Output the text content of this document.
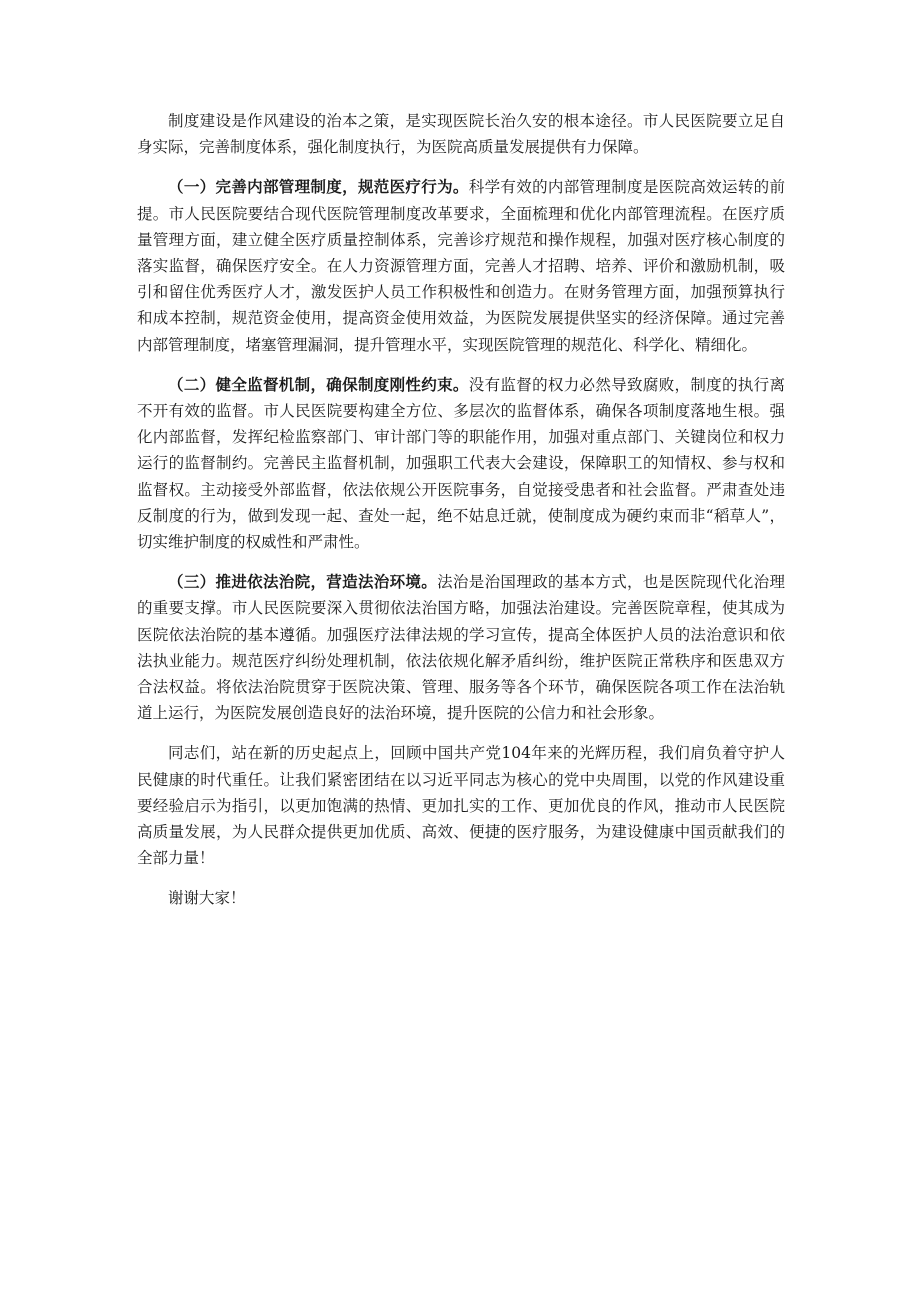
制度建设是作风建设的治本之策，是实现医院长治久安的根本途径。市人民医院要立足自身实际，完善制度体系，强化制度执行，为医院高质量发展提供有力保障。

（一）完善内部管理制度，规范医疗行为。科学有效的内部管理制度是医院高效运转的前提。市人民医院要结合现代医院管理制度改革要求，全面梳理和优化内部管理流程。在医疗质量管理方面，建立健全医疗质量控制体系，完善诊疗规范和操作规程，加强对医疗核心制度的落实监督，确保医疗安全。在人力资源管理方面，完善人才招聘、培养、评价和激励机制，吸引和留住优秀医疗人才，激发医护人员工作积极性和创造力。在财务管理方面，加强预算执行和成本控制，规范资金使用，提高资金使用效益，为医院发展提供坚实的经济保障。通过完善内部管理制度，堵塞管理漏洞，提升管理水平，实现医院管理的规范化、科学化、精细化。

（二）健全监督机制，确保制度刚性约束。没有监督的权力必然导致腐败，制度的执行离不开有效的监督。市人民医院要构建全方位、多层次的监督体系，确保各项制度落地生根。强化内部监督，发挥纪检监察部门、审计部门等的职能作用，加强对重点部门、关键岗位和权力运行的监督制约。完善民主监督机制，加强职工代表大会建设，保障职工的知情权、参与权和监督权。主动接受外部监督，依法依规公开医院事务，自觉接受患者和社会监督。严肃查处违反制度的行为，做到发现一起、查处一起，绝不姑息迁就，使制度成为硬约束而非“稻草人”，切实维护制度的权威性和严肃性。

（三）推进依法治院，营造法治环境。法治是治国理政的基本方式，也是医院现代化治理的重要支撑。市人民医院要深入贯彻依法治国方略，加强法治建设。完善医院章程，使其成为医院依法治院的基本遵循。加强医疗法律法规的学习宣传，提高全体医护人员的法治意识和依法执业能力。规范医疗纠纷处理机制，依法依规化解矛盾纠纷，维护医院正常秩序和医患双方合法权益。将依法治院贯穿于医院决策、管理、服务等各个环节，确保医院各项工作在法治轨道上运行，为医院发展创造良好的法治环境，提升医院的公信力和社会形象。

同志们，站在新的历史起点上，回顾中国共产党104年来的光辉历程，我们肩负着守护人民健康的时代重任。让我们紧密团结在以习近平同志为核心的党中央周围，以党的作风建设重要经验启示为指引，以更加饱满的热情、更加扎实的工作、更加优良的作风，推动市人民医院高质量发展，为人民群众提供更加优质、高效、便捷的医疗服务，为建设健康中国贡献我们的全部力量！

谢谢大家！
